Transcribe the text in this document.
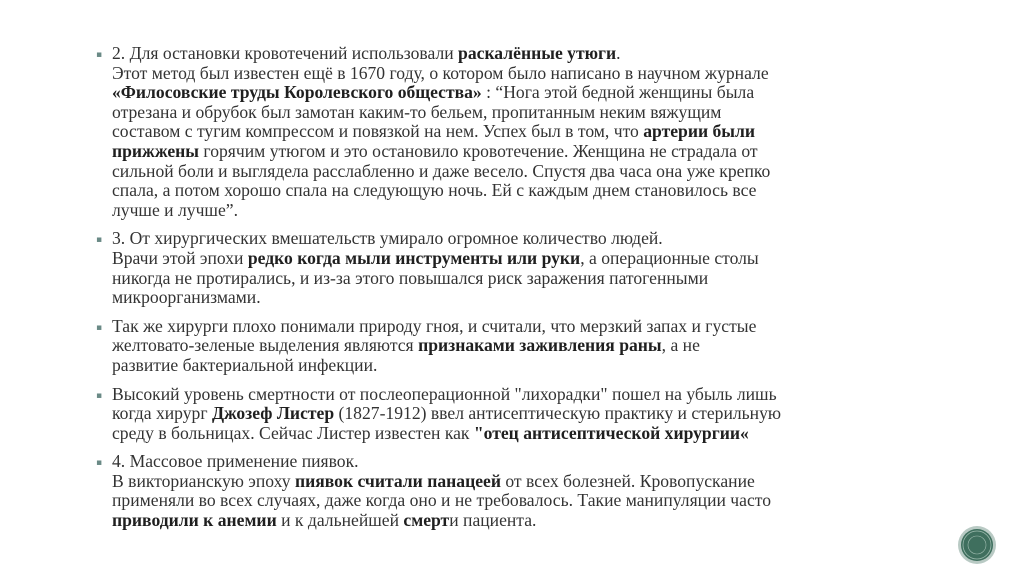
▪ 2. Для остановки кровотечений использовали раскалённые утюги.
Этот метод был известен ещё в 1670 году, о котором было написано в научном журнале
«Филосовские труды Королевского общества» : “Нога этой бедной женщины была
отрезана и обрубок был замотан каким-то бельем, пропитанным неким вяжущим
составом с тугим компрессом и повязкой на нем. Успех был в том, что артерии были
прижжены горячим утюгом и это остановило кровотечение. Женщина не страдала от
сильной боли и выглядела расслабленно и даже весело. Спустя два часа она уже крепко
спала, а потом хорошо спала на следующую ночь. Ей с каждым днем становилось все
лучше и лучше”.
▪ 3. От хирургических вмешательств умирало огромное количество людей.
Врачи этой эпохи редко когда мыли инструменты или руки, а операционные столы
никогда не протирались, и из-за этого повышался риск заражения патогенными
микроорганизмами.
▪ Так же хирурги плохо понимали природу гноя, и считали, что мерзкий запах и густые
желтовато-зеленые выделения являются признаками заживления раны, а не
развитие бактериальной инфекции.
▪ Высокий уровень смертности от послеоперационной "лихорадки" пошел на убыль лишь
когда хирург Джозеф Листер (1827-1912) ввел антисептическую практику и стерильную
среду в больницах. Сейчас Листер известен как "отец антисептической хирургии«
▪ 4. Массовое применение пиявок.
В викторианскую эпоху пиявок считали панацеей от всех болезней. Кровопускание
применяли во всех случаях, даже когда оно и не требовалось. Такие манипуляции часто
приводили к анемии и к дальнейшей смерти пациента.
